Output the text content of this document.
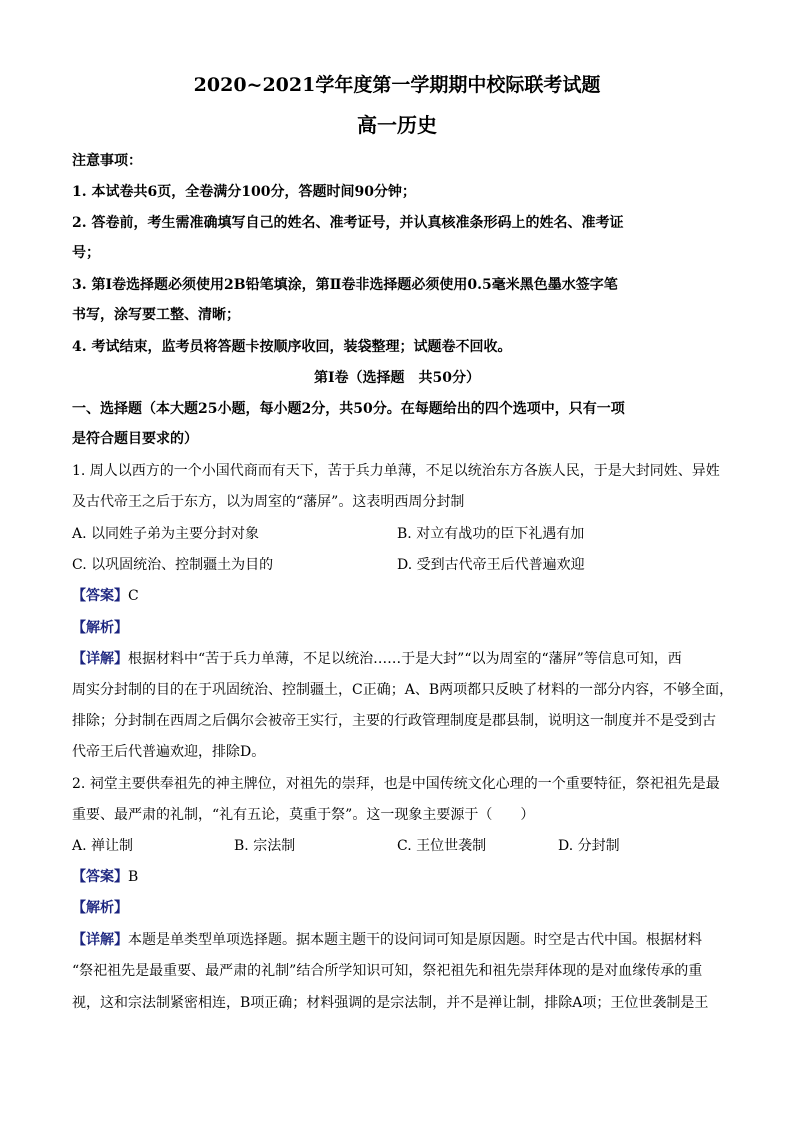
2020~2021学年度第一学期期中校际联考试题
高一历史
注意事项：
1. 本试卷共6页，全卷满分100分，答题时间90分钟；
2. 答卷前，考生需准确填写自己的姓名、准考证号，并认真核准条形码上的姓名、准考证
号；
3. 第Ⅰ卷选择题必须使用2B铅笔填涂，第Ⅱ卷非选择题必须使用0.5毫米黑色墨水签字笔
书写，涂写要工整、清晰；
4. 考试结束，监考员将答题卡按顺序收回，装袋整理；试题卷不回收。
第Ⅰ卷（选择题　共50分）
一、选择题（本大题25小题，每小题2分，共50分。在每题给出的四个选项中，只有一项
是符合题目要求的）
1. 周人以西方的一个小国代商而有天下，苦于兵力单薄，不足以统治东方各族人民，于是大封同姓、异姓
及古代帝王之后于东方，以为周室的“藩屏”。这表明西周分封制
A. 以同姓子弟为主要分封对象	B. 对立有战功的臣下礼遇有加
C. 以巩固统治、控制疆土为目的	D. 受到古代帝王后代普遍欢迎
【答案】C
【解析】
【详解】根据材料中“苦于兵力单薄，不足以统治……于是大封”“以为周室的“藩屏”等信息可知，西
周实分封制的目的在于巩固统治、控制疆土，C正确；A、B两项都只反映了材料的一部分内容，不够全面，
排除；分封制在西周之后偶尔会被帝王实行，主要的行政管理制度是郡县制，说明这一制度并不是受到古
代帝王后代普遍欢迎，排除D。
2. 祠堂主要供奉祖先的神主牌位，对祖先的崇拜，也是中国传统文化心理的一个重要特征，祭祀祖先是最
重要、最严肃的礼制，“礼有五论，莫重于祭”。这一现象主要源于（　　）
A. 禅让制	B. 宗法制	C. 王位世袭制	D. 分封制
【答案】B
【解析】
【详解】本题是单类型单项选择题。据本题主题干的设问词可知是原因题。时空是古代中国。根据材料
“祭祀祖先是最重要、最严肃的礼制”结合所学知识可知，祭祀祖先和祖先崇拜体现的是对血缘传承的重
视，这和宗法制紧密相连，B项正确；材料强调的是宗法制，并不是禅让制，排除A项；王位世袭制是王
